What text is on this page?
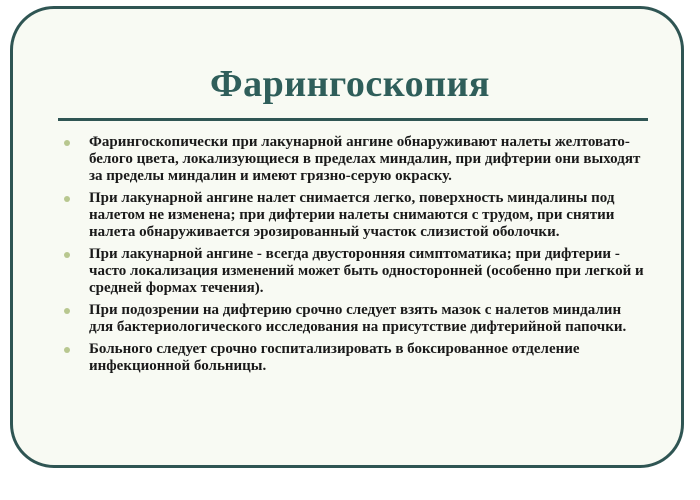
Фарингоскопия
Фарингоскопически при лакунарной ангине обнаруживают налеты желтовато-белого цвета, локализующиеся в пределах миндалин, при дифтерии они выходят за пределы миндалин и имеют грязно-серую окраску.
При лакунарной ангине налет снимается легко, поверхность миндалины под налетом не изменена; при дифтерии налеты снимаются с трудом, при снятии налета обнаруживается эрозированный участок слизистой оболочки.
При лакунарной ангине - всегда двусторонняя симптоматика; при дифтерии - часто локализация изменений может быть односторонней (особенно при легкой и средней формах течения).
При подозрении на дифтерию срочно следует взять мазок с налетов миндалин для бактериологического исследования на присутствие дифтерийной папочки.
Больного следует срочно госпитализировать в боксированное отделение инфекционной больницы.
